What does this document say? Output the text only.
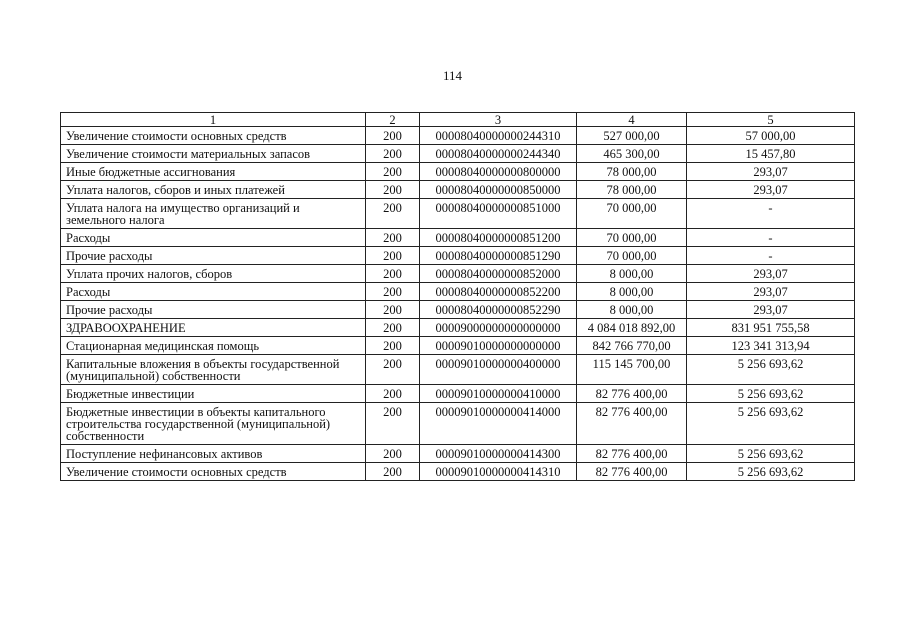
114
1	2	3	4	5
Увеличение стоимости основных средств	200	00008040000000244310	527 000,00	57 000,00
Увеличение стоимости материальных запасов	200	00008040000000244340	465 300,00	15 457,80
Иные бюджетные ассигнования	200	00008040000000800000	78 000,00	293,07
Уплата налогов, сборов и иных платежей	200	00008040000000850000	78 000,00	293,07
Уплата налога на имущество организаций и земельного налога	200	00008040000000851000	70 000,00	-
Расходы	200	00008040000000851200	70 000,00	-
Прочие расходы	200	00008040000000851290	70 000,00	-
Уплата прочих налогов, сборов	200	00008040000000852000	8 000,00	293,07
Расходы	200	00008040000000852200	8 000,00	293,07
Прочие расходы	200	00008040000000852290	8 000,00	293,07
ЗДРАВООХРАНЕНИЕ	200	00009000000000000000	4 084 018 892,00	831 951 755,58
Стационарная медицинская помощь	200	00009010000000000000	842 766 770,00	123 341 313,94
Капитальные вложения в объекты государственной (муниципальной) собственности	200	00009010000000400000	115 145 700,00	5 256 693,62
Бюджетные инвестиции	200	00009010000000410000	82 776 400,00	5 256 693,62
Бюджетные инвестиции в объекты капитального строительства государственной (муниципальной) собственности	200	00009010000000414000	82 776 400,00	5 256 693,62
Поступление нефинансовых активов	200	00009010000000414300	82 776 400,00	5 256 693,62
Увеличение стоимости основных средств	200	00009010000000414310	82 776 400,00	5 256 693,62
